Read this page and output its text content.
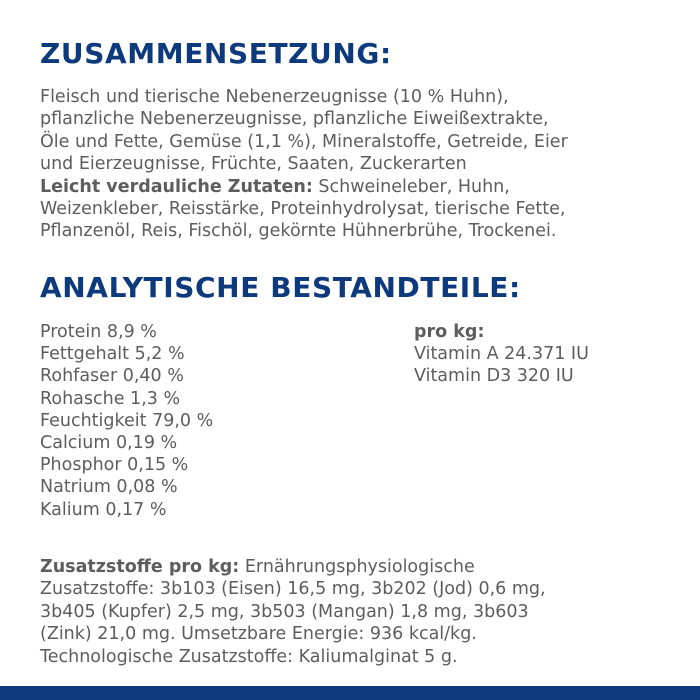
ZUSAMMENSETZUNG:

Fleisch und tierische Nebenerzeugnisse (10 % Huhn),
pflanzliche Nebenerzeugnisse, pflanzliche Eiweißextrakte,
Öle und Fette, Gemüse (1,1 %), Mineralstoffe, Getreide, Eier
und Eierzeugnisse, Früchte, Saaten, Zuckerarten
Leicht verdauliche Zutaten: Schweineleber, Huhn,
Weizenkleber, Reisstärke, Proteinhydrolysat, tierische Fette,
Pflanzenöl, Reis, Fischöl, gekörnte Hühnerbrühe, Trockenei.

ANALYTISCHE BESTANDTEILE:
Protein 8,9 %
Fettgehalt 5,2 %
Rohfaser 0,40 %
Rohasche 1,3 %
Feuchtigkeit 79,0 %
Calcium 0,19 %
Phosphor 0,15 %
Natrium 0,08 %
Kalium 0,17 %
pro kg:
Vitamin A 24.371 IU
Vitamin D3 320 IU

Zusatzstoffe pro kg: Ernährungsphysiologische
Zusatzstoffe: 3b103 (Eisen) 16,5 mg, 3b202 (Jod) 0,6 mg,
3b405 (Kupfer) 2,5 mg, 3b503 (Mangan) 1,8 mg, 3b603
(Zink) 21,0 mg. Umsetzbare Energie: 936 kcal/kg.
Technologische Zusatzstoffe: Kaliumalginat 5 g.
